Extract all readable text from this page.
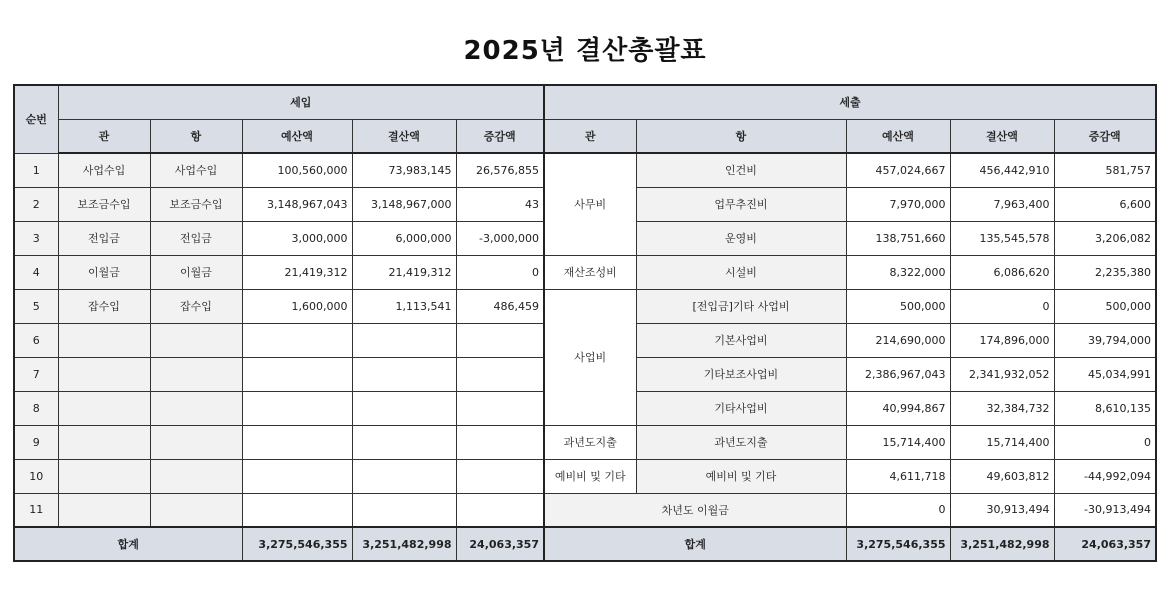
2025년 결산총괄표
순번	세입					세출				
	관	항	예산액	결산액	증감액	관	항	예산액	결산액	증감액
1	사업수입	사업수입	100,560,000	73,983,145	26,576,855	사무비	인건비	457,024,667	456,442,910	581,757
2	보조금수입	보조금수입	3,148,967,043	3,148,967,000	43		업무추진비	7,970,000	7,963,400	6,600
3	전입금	전입금	3,000,000	6,000,000	-3,000,000		운영비	138,751,660	135,545,578	3,206,082
4	이월금	이월금	21,419,312	21,419,312	0	재산조성비	시설비	8,322,000	6,086,620	2,235,380
5	잡수입	잡수입	1,600,000	1,113,541	486,459	사업비	[전입금]기타 사업비	500,000	0	500,000
6							기본사업비	214,690,000	174,896,000	39,794,000
7							기타보조사업비	2,386,967,043	2,341,932,052	45,034,991
8							기타사업비	40,994,867	32,384,732	8,610,135
9						과년도지출	과년도지출	15,714,400	15,714,400	0
10						예비비 및 기타	예비비 및 기타	4,611,718	49,603,812	-44,992,094
11						차년도 이월금		0	30,913,494	-30,913,494
합계			3,275,546,355	3,251,482,998	24,063,357	합계		3,275,546,355	3,251,482,998	24,063,357
